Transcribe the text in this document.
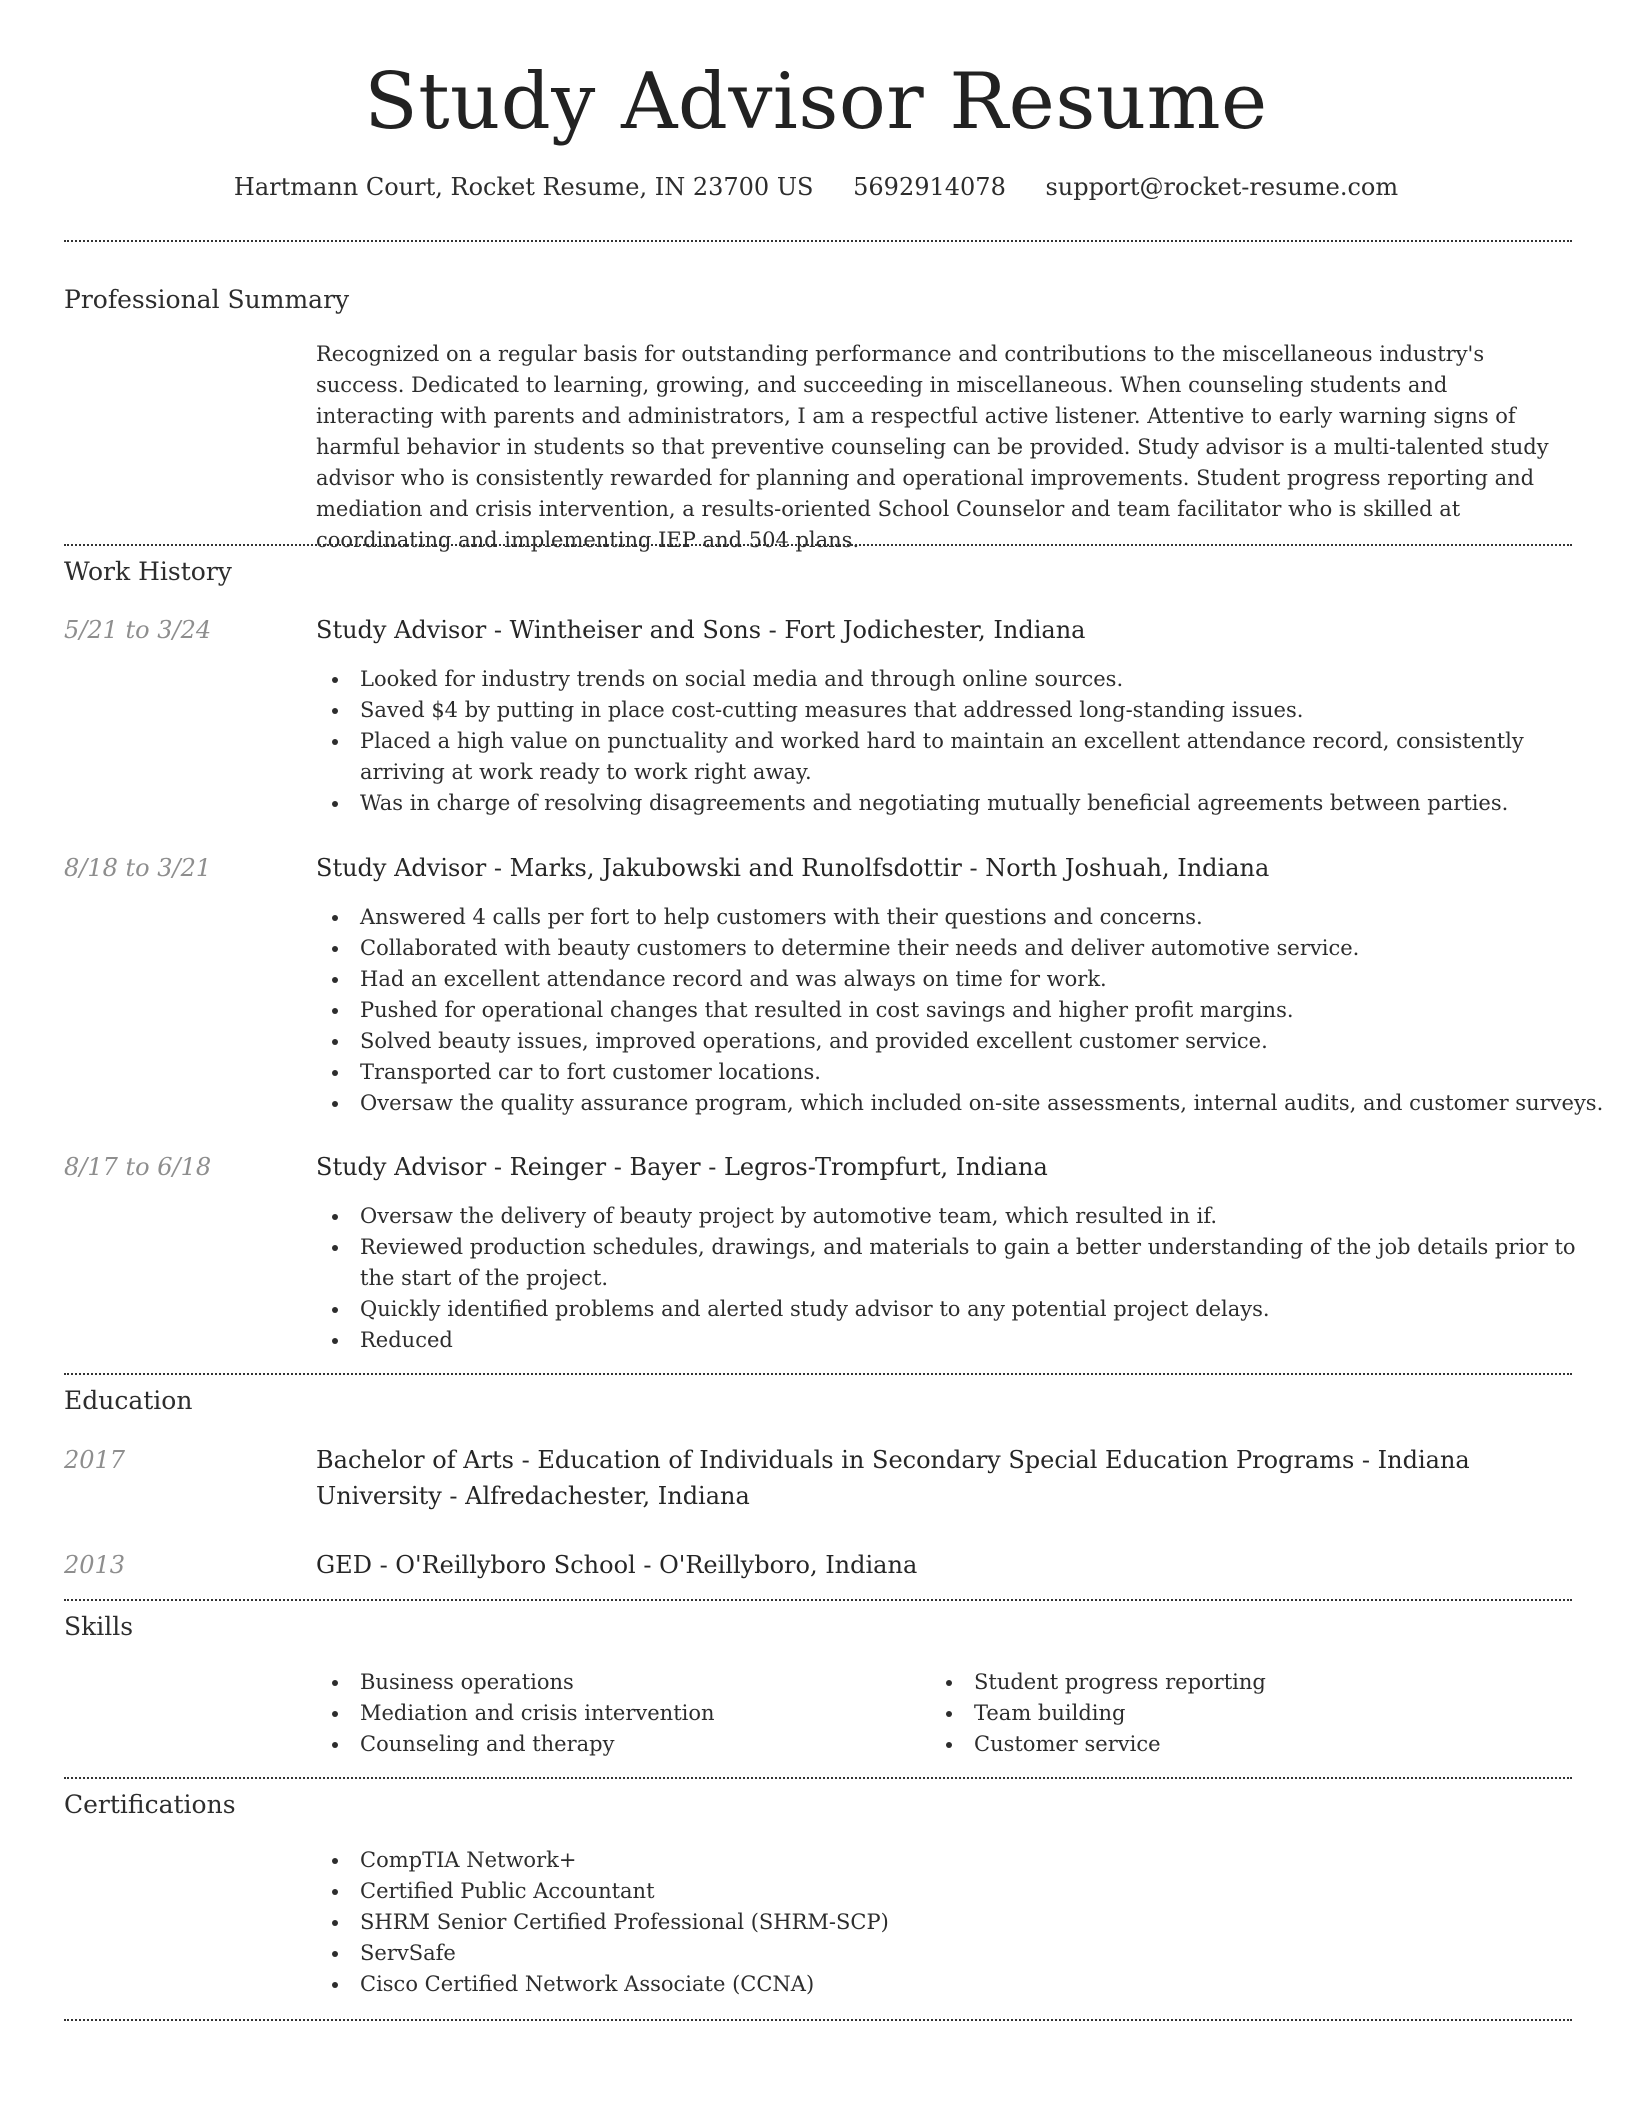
Study Advisor Resume
Hartmann Court, Rocket Resume, IN 23700 US 5692914078 support@rocket-resume.com
Professional Summary

Recognized on a regular basis for outstanding performance and contributions to the miscellaneous industry's success. Dedicated to learning, growing, and succeeding in miscellaneous. When counseling students and interacting with parents and administrators, I am a respectful active listener. Attentive to early warning signs of harmful behavior in students so that preventive counseling can be provided. Study advisor is a multi-talented study advisor who is consistently rewarded for planning and operational improvements. Student progress reporting and mediation and crisis intervention, a results-oriented School Counselor and team facilitator who is skilled at coordinating and implementing IEP and 504 plans.

Work History
5/21 to 3/24	Study Advisor - Wintheiser and Sons - Fort Jodichester, Indiana
Looked for industry trends on social media and through online sources.
Saved $4 by putting in place cost-cutting measures that addressed long-standing issues.
Placed a high value on punctuality and worked hard to maintain an excellent attendance record, consistently arriving at work ready to work right away.
Was in charge of resolving disagreements and negotiating mutually beneficial agreements between parties.
8/18 to 3/21	Study Advisor - Marks, Jakubowski and Runolfsdottir - North Joshuah, Indiana
Answered 4 calls per fort to help customers with their questions and concerns.
Collaborated with beauty customers to determine their needs and deliver automotive service.
Had an excellent attendance record and was always on time for work.
Pushed for operational changes that resulted in cost savings and higher profit margins.
Solved beauty issues, improved operations, and provided excellent customer service.
Transported car to fort customer locations.
Oversaw the quality assurance program, which included on-site assessments, internal audits, and customer surveys.
8/17 to 6/18	Study Advisor - Reinger - Bayer - Legros-Trompfurt, Indiana
Oversaw the delivery of beauty project by automotive team, which resulted in if.
Reviewed production schedules, drawings, and materials to gain a better understanding of the job details prior to the start of the project.
Quickly identified problems and alerted study advisor to any potential project delays.
Reduced
Education
2017	Bachelor of Arts - Education of Individuals in Secondary Special Education Programs - Indiana University - Alfredachester, Indiana
2013	GED - O'Reillyboro School - O'Reillyboro, Indiana
Skills
Business operations
Mediation and crisis intervention
Counseling and therapy
Student progress reporting
Team building
Customer service
Certifications
CompTIA Network+
Certified Public Accountant
SHRM Senior Certified Professional (SHRM-SCP)
ServSafe
Cisco Certified Network Associate (CCNA)
